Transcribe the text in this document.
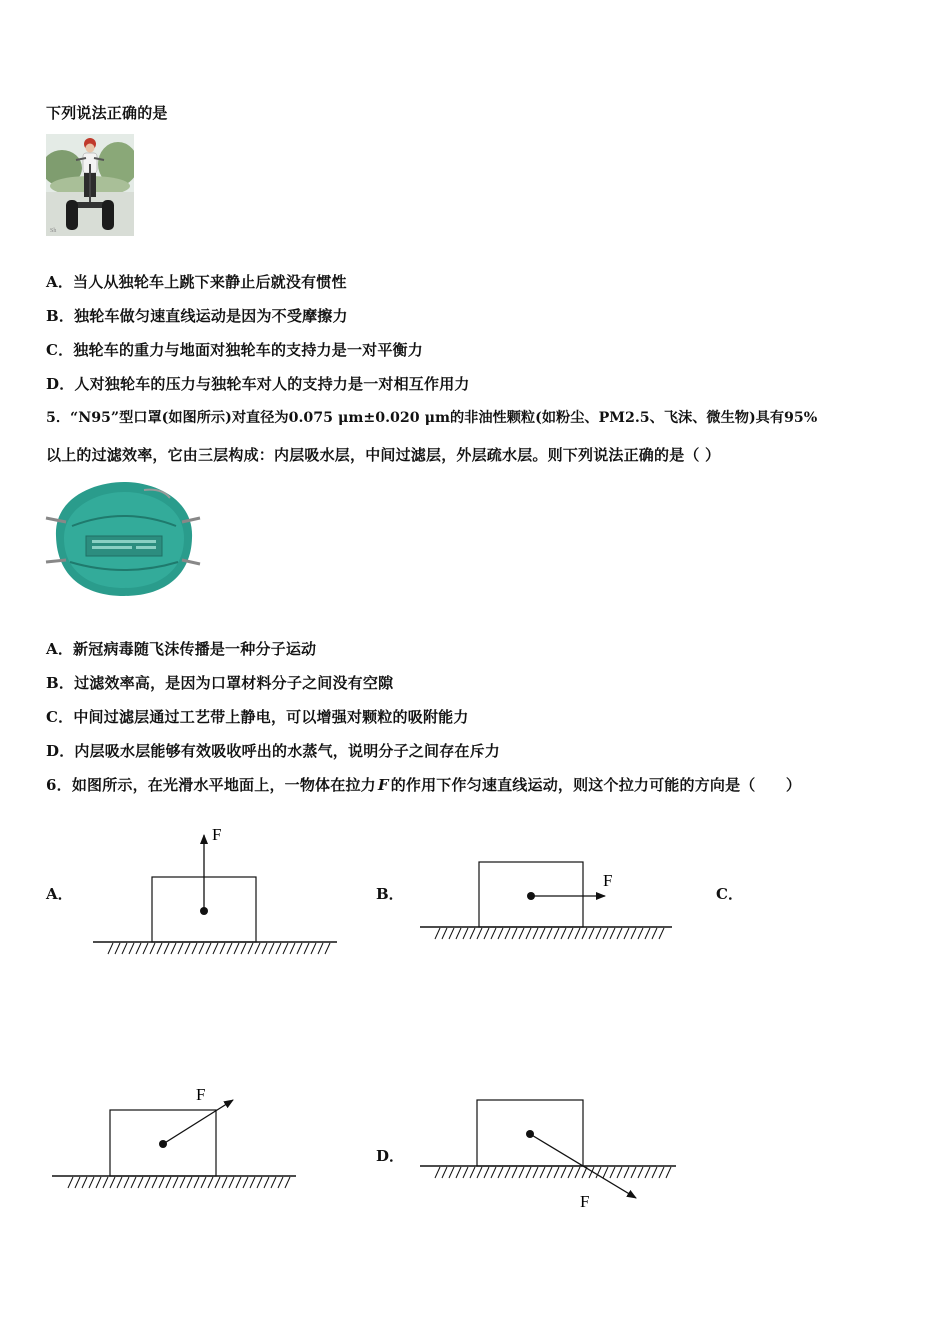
下列说法正确的是
Sh
A．当人从独轮车上跳下来静止后就没有惯性
B．独轮车做匀速直线运动是因为不受摩擦力
C．独轮车的重力与地面对独轮车的支持力是一对平衡力
D．人对独轮车的压力与独轮车对人的支持力是一对相互作用力
5．“N95”型口罩(如图所示)对直径为0.075 μm±0.020 μm的非油性颗粒(如粉尘、PM2.5、飞沫、微生物)具有95%
以上的过滤效率，它由三层构成：内层吸水层，中间过滤层，外层疏水层。则下列说法正确的是（ ）
A．新冠病毒随飞沫传播是一种分子运动
B．过滤效率高，是因为口罩材料分子之间没有空隙
C．中间过滤层通过工艺带上静电，可以增强对颗粒的吸附能力
D．内层吸水层能够有效吸收呼出的水蒸气，说明分子之间存在斥力
6．如图所示，在光滑水平地面上，一物体在拉力 F 的作用下作匀速直线运动，则这个拉力可能的方向是（　　）
A．	B．	C．
D．
F
F
F
F
